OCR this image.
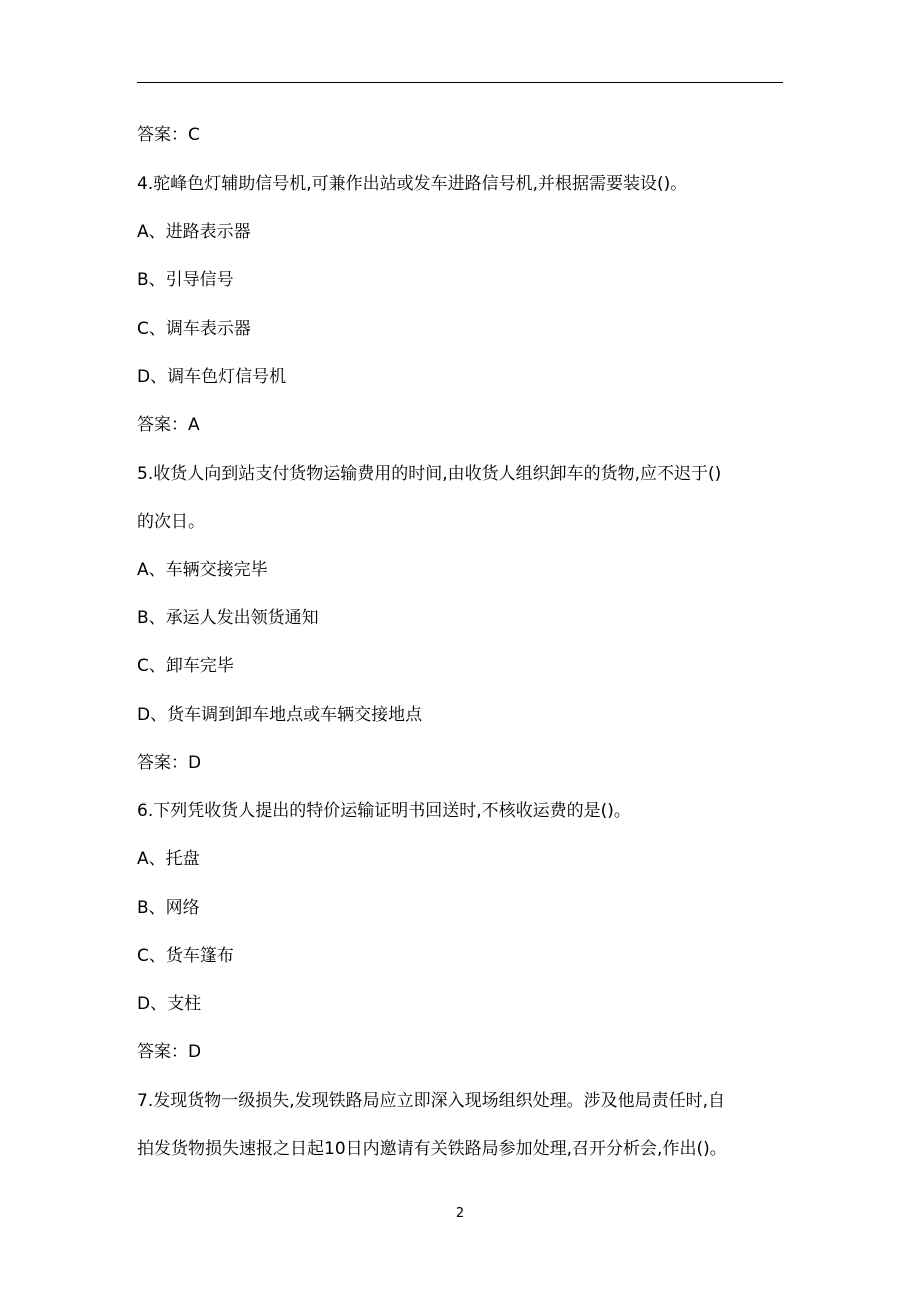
答案：C
4.驼峰色灯辅助信号机,可兼作出站或发车进路信号机,并根据需要装设()。
A、进路表示器
B、引导信号
C、调车表示器
D、调车色灯信号机
答案：A
5.收货人向到站支付货物运输费用的时间,由收货人组织卸车的货物,应不迟于()
的次日。
A、车辆交接完毕
B、承运人发出领货通知
C、卸车完毕
D、货车调到卸车地点或车辆交接地点
答案：D
6.下列凭收货人提出的特价运输证明书回送时,不核收运费的是()。
A、托盘
B、网络
C、货车篷布
D、支柱
答案：D
7.发现货物一级损失,发现铁路局应立即深入现场组织处理。涉及他局责任时,自
拍发货物损失速报之日起10日内邀请有关铁路局参加处理,召开分析会,作出()。
2
